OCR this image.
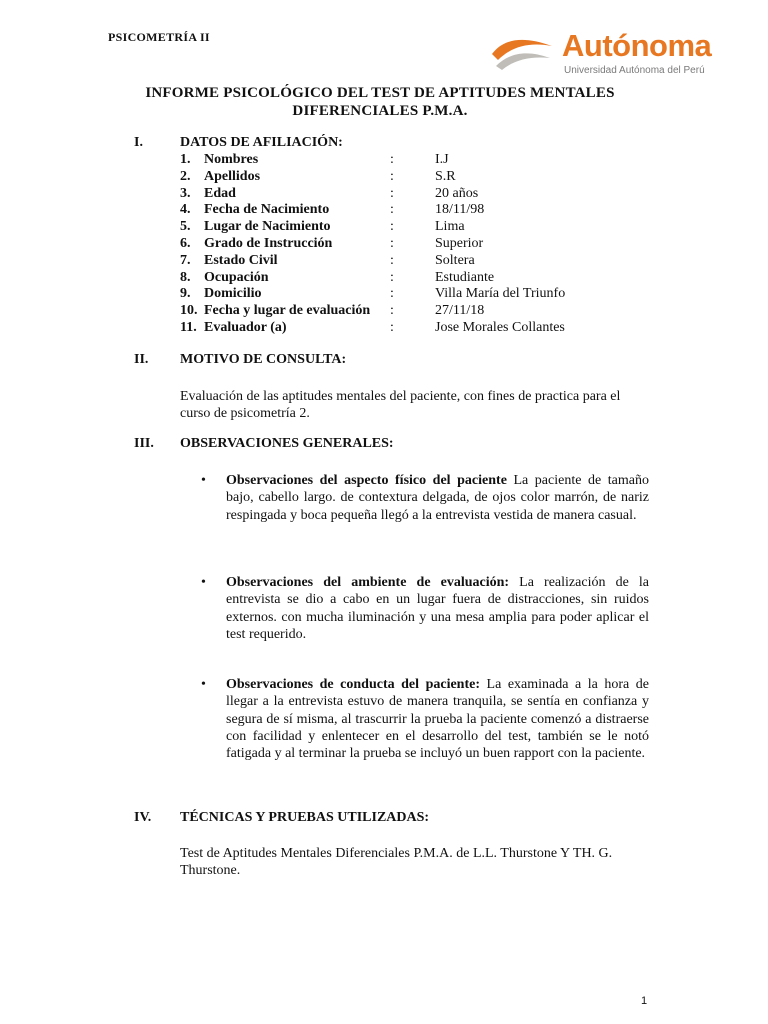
PSICOMETRÍA II	Autónoma
Universidad Autónoma del Perú
INFORME PSICOLÓGICO DEL TEST DE APTITUDES MENTALES
DIFERENCIALES P.M.A.
I.	DATOS DE AFILIACIÓN:
1. Nombres	:	I.J
2. Apellidos	:	S.R
3. Edad	:	20 años
4. Fecha de Nacimiento	:	18/11/98
5. Lugar de Nacimiento	:	Lima
6. Grado de Instrucción	:	Superior
7. Estado Civil	:	Soltera
8. Ocupación	:	Estudiante
9. Domicilio	:	Villa María del Triunfo
10. Fecha y lugar de evaluación :	27/11/18
11. Evaluador (a)	:	Jose Morales Collantes
II. MOTIVO DE CONSULTA:
Evaluación de las aptitudes mentales del paciente, con fines de practica para el curso de psicometría 2.
III. OBSERVACIONES GENERALES:
• Observaciones del aspecto físico del paciente La paciente de tamaño bajo, cabello largo. de contextura delgada, de ojos color marrón, de nariz respingada y boca pequeña llegó a la entrevista vestida de manera casual.
• Observaciones del ambiente de evaluación: La realización de la entrevista se dio a cabo en un lugar fuera de distracciones, sin ruidos externos. con mucha iluminación y una mesa amplia para poder aplicar el test requerido.
• Observaciones de conducta del paciente: La examinada a la hora de llegar a la entrevista estuvo de manera tranquila, se sentía en confianza y segura de sí misma, al trascurrir la prueba la paciente comenzó a distraerse con facilidad y enlentecer en el desarrollo del test, también se le notó fatigada y al terminar la prueba se incluyó un buen rapport con la paciente.
IV. TÉCNICAS Y PRUEBAS UTILIZADAS:
Test de Aptitudes Mentales Diferenciales P.M.A. de L.L. Thurstone Y TH. G. Thurstone.
1
